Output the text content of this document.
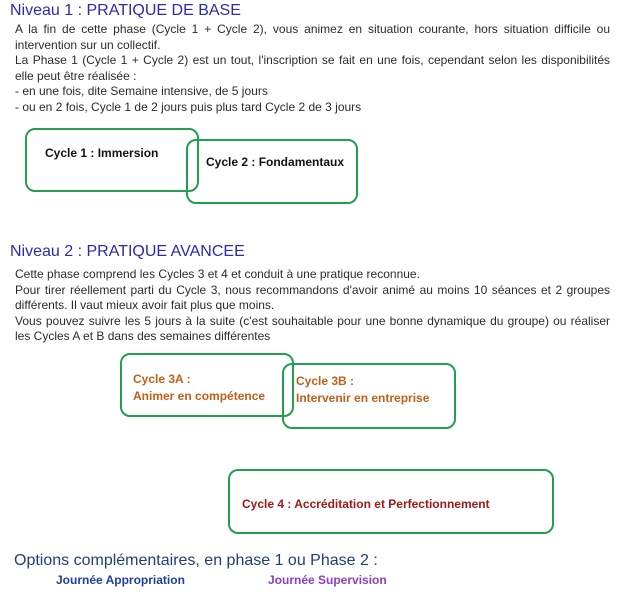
Niveau 1 : PRATIQUE DE BASE

A la fin de cette phase (Cycle 1 + Cycle 2), vous animez en situation courante, hors situation difficile ou intervention sur un collectif.

La Phase 1 (Cycle 1 + Cycle 2) est un tout, l'inscription se fait en une fois, cependant selon les disponibilités elle peut être réalisée :

- en une fois, dite Semaine intensive, de 5 jours

- ou en 2 fois, Cycle 1 de 2 jours puis plus tard Cycle 2 de 3 jours

Cycle 1 : Immersion
Cycle 2 : Fondamentaux
Niveau 2 : PRATIQUE AVANCEE

Cette phase comprend les Cycles 3 et 4 et conduit à une pratique reconnue.

Pour tirer réellement parti du Cycle 3, nous recommandons d'avoir animé au moins 10 séances et 2 groupes différents. Il vaut mieux avoir fait plus que moins.

Vous pouvez suivre les 5 jours à la suite (c'est souhaitable pour une bonne dynamique du groupe) ou réaliser les Cycles A et B dans des semaines différentes

Cycle 3A :
Animer en compétence
Cycle 3B :
Intervenir en entreprise
Cycle 4 : Accréditation et Perfectionnement
Options complémentaires, en phase 1 ou Phase 2 :
Journée Appropriation	Journée Supervision
